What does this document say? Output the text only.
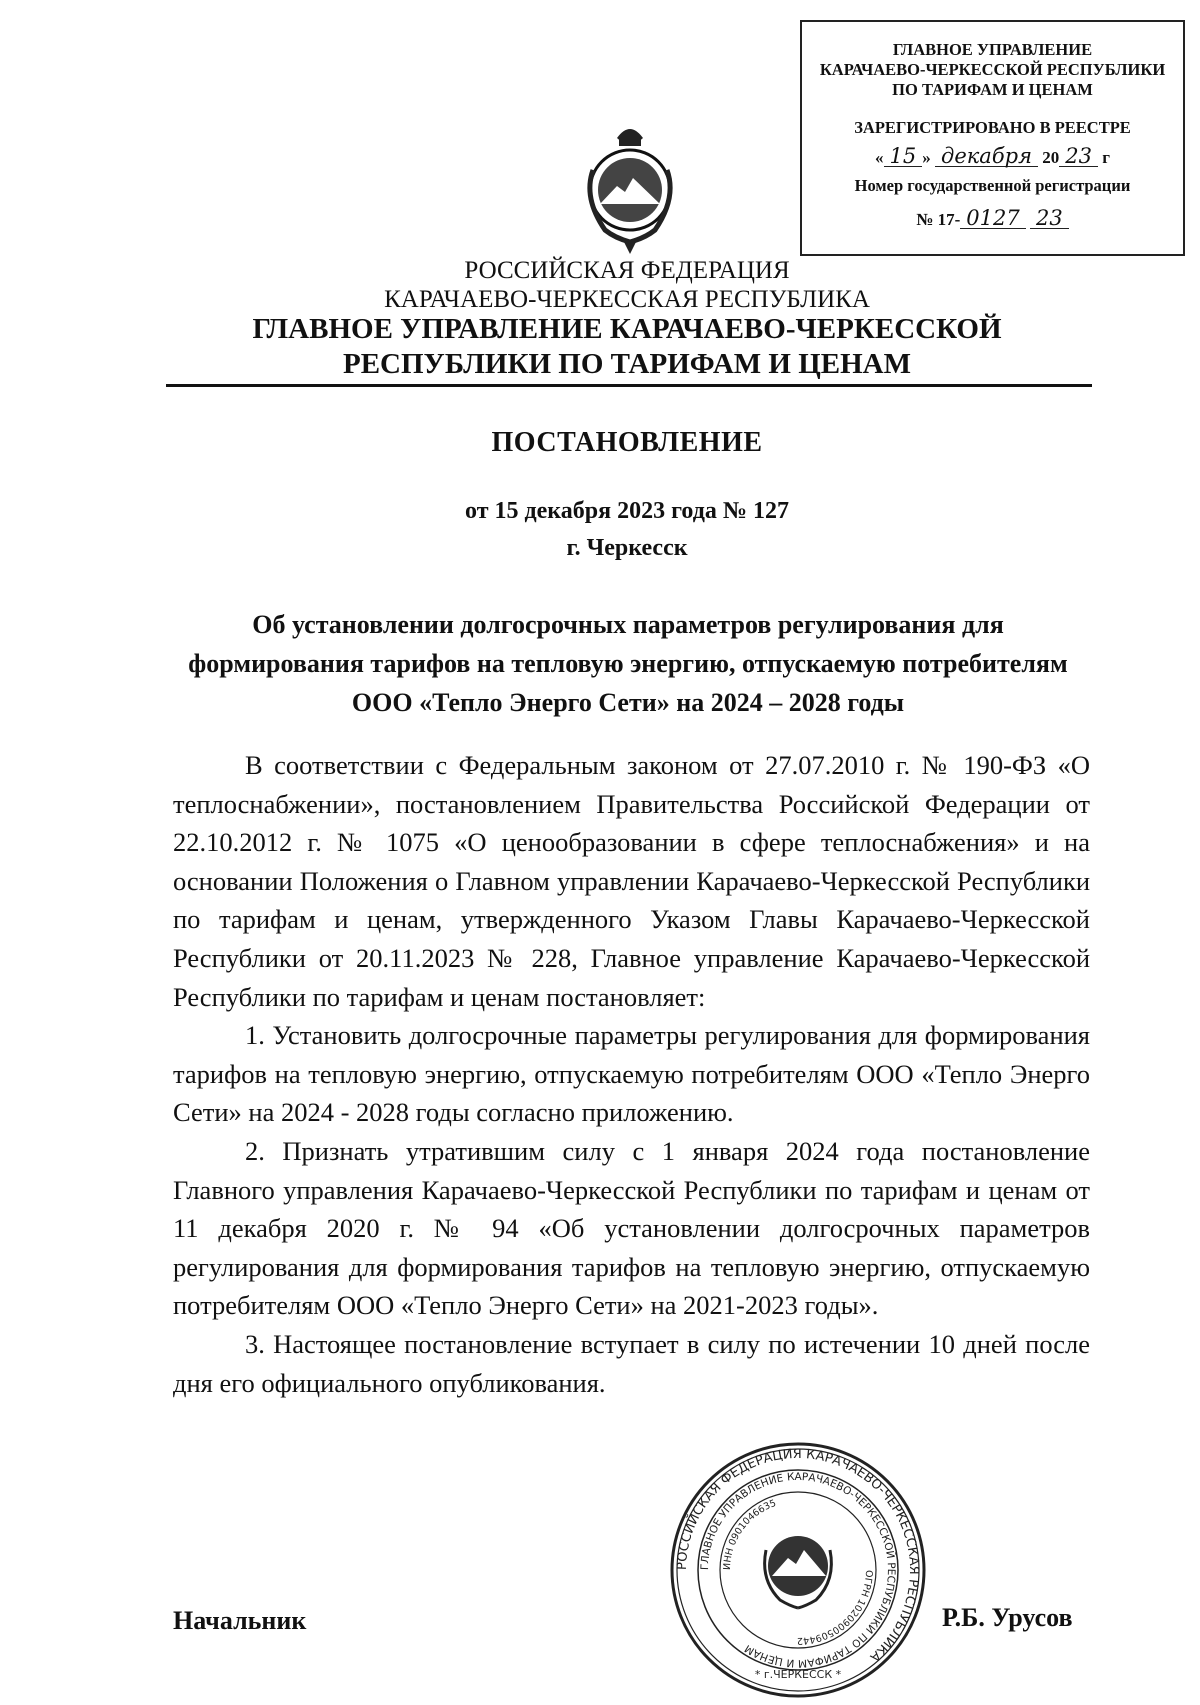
ГЛАВНОЕ УПРАВЛЕНИЕ
КАРАЧАЕВО-ЧЕРКЕССКОЙ РЕСПУБЛИКИ
ПО ТАРИФАМ И ЦЕНАМ
ЗАРЕГИСТРИРОВАНО В РЕЕСТРЕ
« 15 » декабря 20 23 г
Номер государственной регистрации
№ 17- 0127 23
РОССИЙСКАЯ ФЕДЕРАЦИЯ
КАРАЧАЕВО-ЧЕРКЕССКАЯ РЕСПУБЛИКА
ГЛАВНОЕ УПРАВЛЕНИЕ КАРАЧАЕВО-ЧЕРКЕССКОЙ
РЕСПУБЛИКИ ПО ТАРИФАМ И ЦЕНАМ
ПОСТАНОВЛЕНИЕ
от 15 декабря 2023 года № 127
г. Черкесск
Об установлении долгосрочных параметров регулирования для формирования тарифов на тепловую энергию, отпускаемую потребителям ООО «Тепло Энерго Сети» на 2024 – 2028 годы

В соответствии с Федеральным законом от 27.07.2010 г. № 190-ФЗ «О теплоснабжении», постановлением Правительства Российской Федерации от 22.10.2012 г. № 1075 «О ценообразовании в сфере теплоснабжения» и на основании Положения о Главном управлении Карачаево-Черкесской Республики по тарифам и ценам, утвержденного Указом Главы Карачаево-Черкесской Республики от 20.11.2023 № 228, Главное управление Карачаево-Черкесской Республики по тарифам и ценам постановляет:

1. Установить долгосрочные параметры регулирования для формирования тарифов на тепловую энергию, отпускаемую потребителям ООО «Тепло Энерго Сети» на 2024 - 2028 годы согласно приложению.

2. Признать утратившим силу с 1 января 2024 года постановление Главного управления Карачаево-Черкесской Республики по тарифам и ценам от 11 декабря 2020 г. № 94 «Об установлении долгосрочных параметров регулирования для формирования тарифов на тепловую энергию, отпускаемую потребителям ООО «Тепло Энерго Сети» на 2021-2023 годы».

3. Настоящее постановление вступает в силу по истечении 10 дней после дня его официального опубликования.

Начальник	Р.Б. Урусов
РОССИЙСКАЯ ФЕДЕРАЦИЯ КАРАЧАЕВО-ЧЕРКЕССКАЯ РЕСПУБЛИКА
ГЛАВНОЕ УПРАВЛЕНИЕ КАРАЧАЕВО-ЧЕРКЕССКОЙ РЕСПУБЛИКИ ПО ТАРИФАМ И ЦЕНАМ
ИНН 0901046635
ОГРН 1020900509442
* г.ЧЕРКЕССК *
